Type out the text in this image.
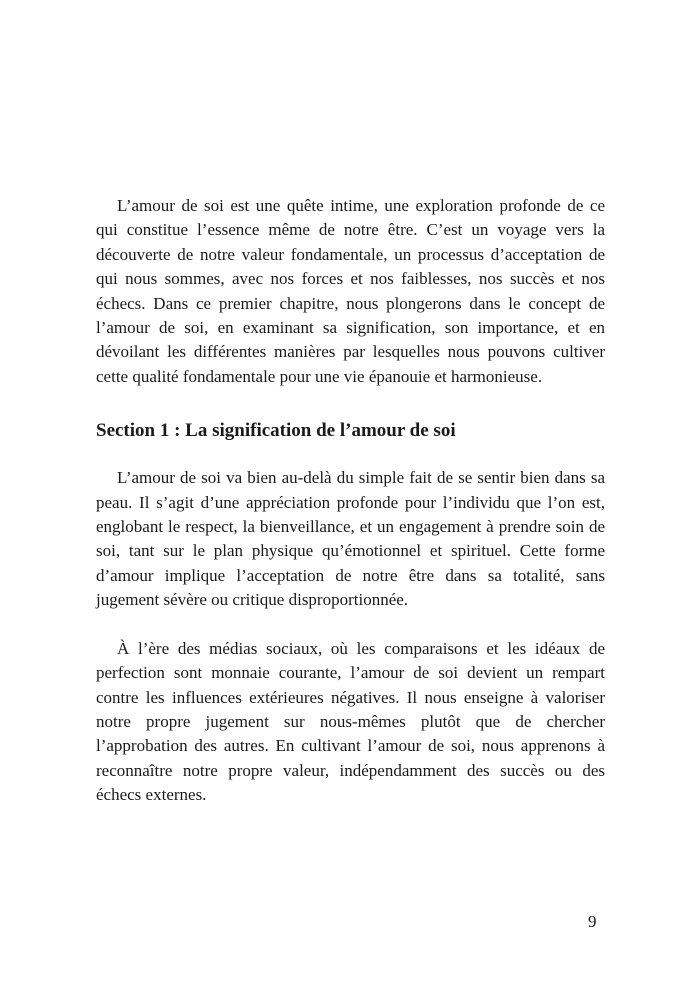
L’amour de soi est une quête intime, une exploration profonde de ce qui constitue l’essence même de notre être. C’est un voyage vers la découverte de notre valeur fondamentale, un processus d’acceptation de qui nous sommes, avec nos forces et nos faiblesses, nos succès et nos échecs. Dans ce premier chapitre, nous plongerons dans le concept de l’amour de soi, en examinant sa signification, son importance, et en dévoilant les différentes manières par lesquelles nous pouvons cultiver cette qualité fondamentale pour une vie épanouie et harmonieuse.

Section 1 : La signification de l’amour de soi

L’amour de soi va bien au-delà du simple fait de se sentir bien dans sa peau. Il s’agit d’une appréciation profonde pour l’individu que l’on est, englobant le respect, la bienveillance, et un engagement à prendre soin de soi, tant sur le plan physique qu’émotionnel et spirituel. Cette forme d’amour implique l’acceptation de notre être dans sa totalité, sans jugement sévère ou critique disproportionnée.

À l’ère des médias sociaux, où les comparaisons et les idéaux de perfection sont monnaie courante, l’amour de soi devient un rempart contre les influences extérieures négatives. Il nous enseigne à valoriser notre propre jugement sur nous-mêmes plutôt que de chercher l’approbation des autres. En cultivant l’amour de soi, nous apprenons à reconnaître notre propre valeur, indépendamment des succès ou des échecs externes.

9
